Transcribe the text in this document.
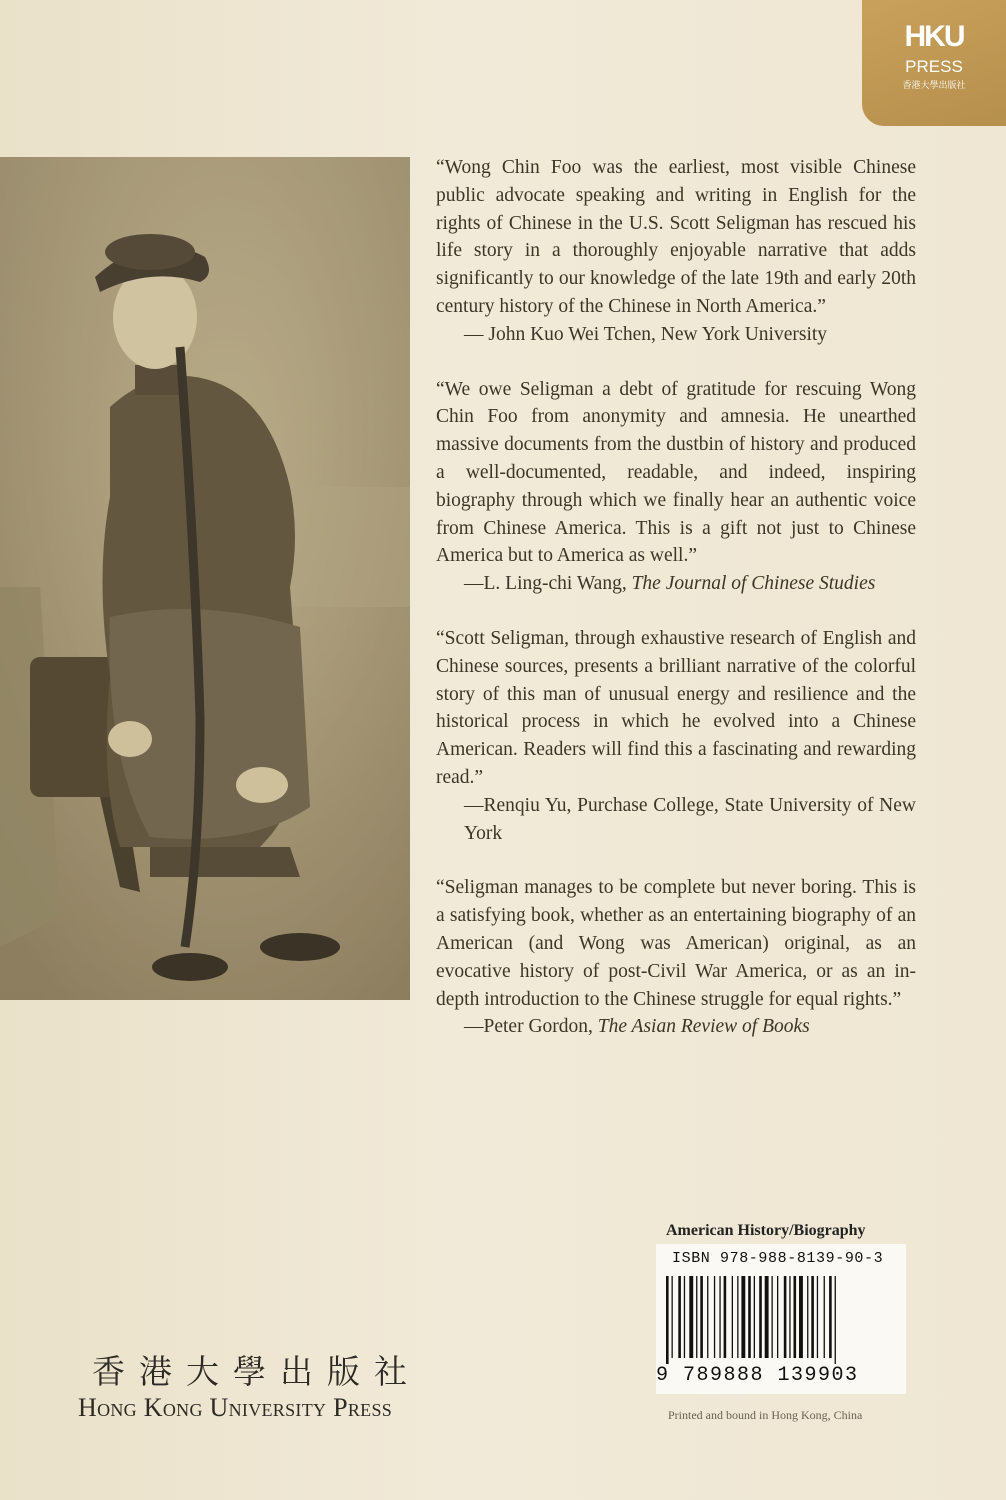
HKU
PRESS
香港大學出版社

“Wong Chin Foo was the earliest, most visible Chinese public advocate speaking and writing in English for the rights of Chinese in the U.S. Scott Seligman has rescued his life story in a thoroughly enjoyable narrative that adds significantly to our knowledge of the late 19th and early 20th century history of the Chinese in North America.”

— John Kuo Wei Tchen, New York University

“We owe Seligman a debt of gratitude for rescuing Wong Chin Foo from anonymity and amnesia. He unearthed massive documents from the dustbin of history and produced a well-documented, readable, and indeed, inspiring biography through which we finally hear an authentic voice from Chinese America. This is a gift not just to Chinese America but to America as well.”

—L. Ling-chi Wang, The Journal of Chinese Studies

“Scott Seligman, through exhaustive research of English and Chinese sources, presents a brilliant narrative of the colorful story of this man of unusual energy and resilience and the historical process in which he evolved into a Chinese American. Readers will find this a fascinating and rewarding read.”

—Renqiu Yu, Purchase College, State University of New York

“Seligman manages to be complete but never boring. This is a satisfying book, whether as an entertaining biography of an American (and Wong was American) original, as an evocative history of post-Civil War America, or as an in-depth introduction to the Chinese struggle for equal rights.”

—Peter Gordon, The Asian Review of Books

American History/Biography
ISBN 978-988-8139-90-3
9 789888 139903
Printed and bound in Hong Kong, China
香港大學出版社
Hong Kong University Press
